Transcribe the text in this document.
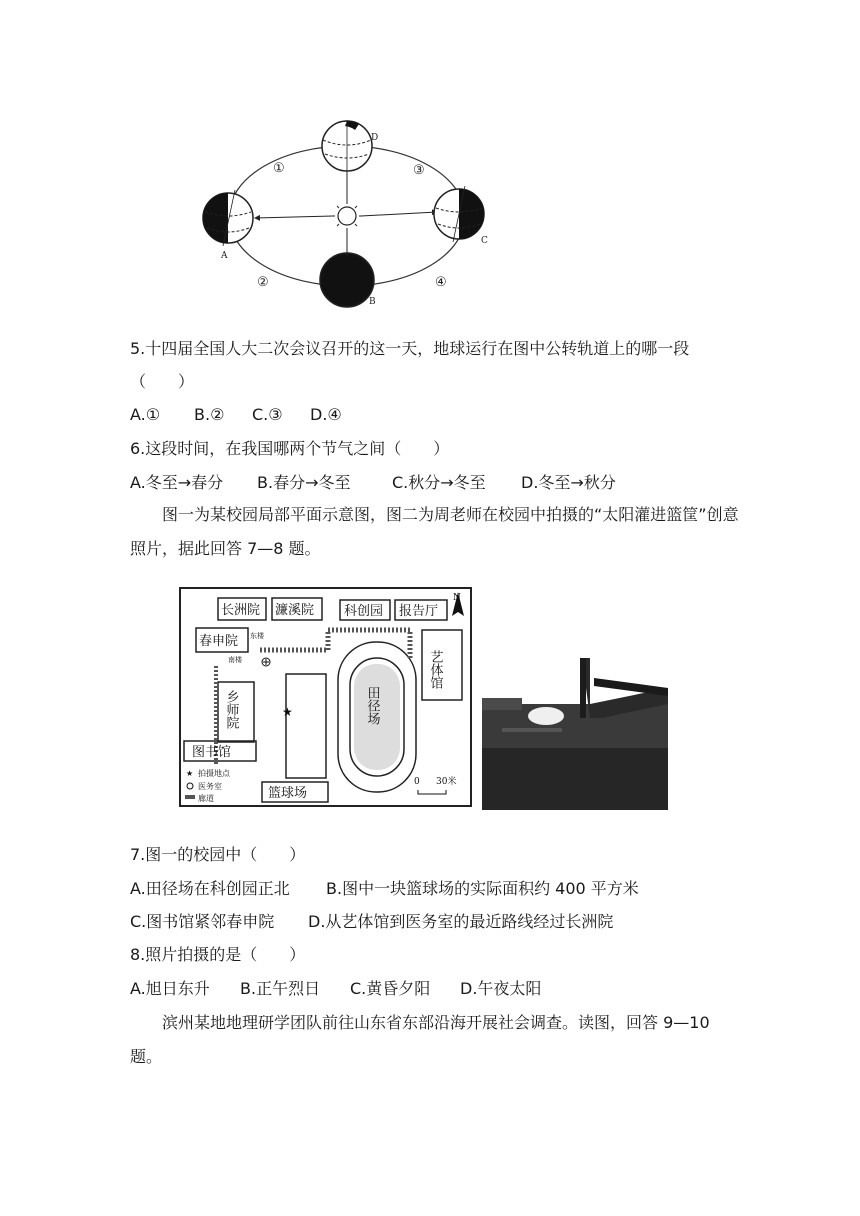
①
②
③
④
A
B
C
D
5.十四届全国人大二次会议召开的这一天，地球运行在图中公转轨道上的哪一段
（　　）
A.① B.② C.③ D.④
6.这段时间，在我国哪两个节气之间（　　）
A.冬至→春分 B.春分→冬至	C.秋分→冬至 D.冬至→秋分
图一为某校园局部平面示意图，图二为周老师在校园中拍摄的“太阳灌进篮筐”创意照片，据此回答 7—8 题。
长洲院 濂溪院 科创园 报告厅
春申院
图书馆
篮球场
艺体馆
乡师院	田径场
东楼
南楼
N
★
★ 拍摄地点
医务室
廊道
0 30米
7.图一的校园中（　　）
A.田径场在科创园正北 B.图中一块篮球场的实际面积约 400 平方米
C.图书馆紧邻春申院 D.从艺体馆到医务室的最近路线经过长洲院
8.照片拍摄的是（　　）
A.旭日东升 B.正午烈日 C.黄昏夕阳 D.午夜太阳
滨州某地地理研学团队前往山东省东部沿海开展社会调查。读图，回答 9—10 题。
